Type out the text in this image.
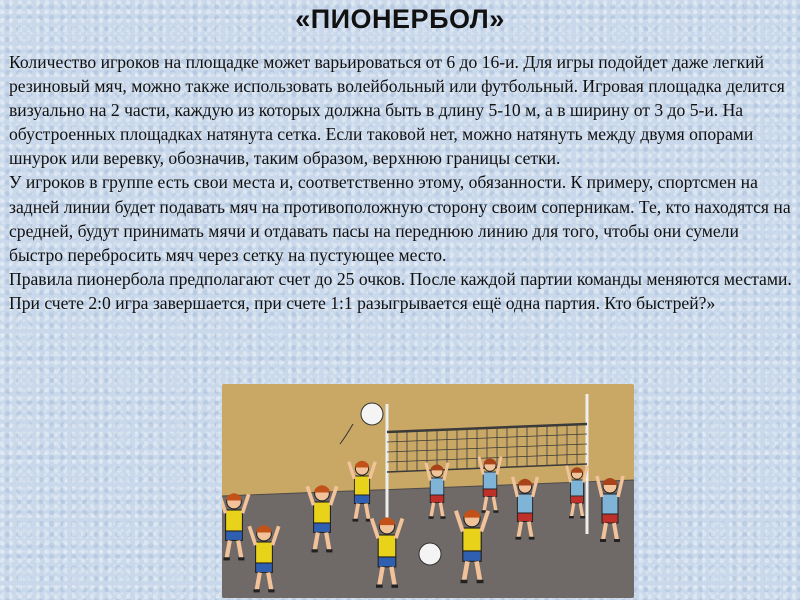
«ПИОНЕРБОЛ»

Количество игроков на площадке может варьироваться от 6 до 16-и. Для игры подойдет даже легкий резиновый мяч, можно также использовать волейбольный или футбольный. Игровая площадка делится визуально на 2 части, каждую из которых должна быть в длину 5-10 м, а в ширину от 3 до 5-и. На обустроенных площадках натянута сетка. Если таковой нет, можно натянуть между двумя опорами шнурок или веревку, обозначив, таким образом, верхнюю границы сетки.

У игроков в группе есть свои места и, соответственно этому, обязанности. К примеру, спортсмен на задней линии будет подавать мяч на противоположную сторону своим соперникам. Те, кто находятся на средней, будут принимать мячи и отдавать пасы на переднюю линию для того, чтобы они сумели быстро перебросить мяч через сетку на пустующее место.

Правила пионербола предполагают счет до 25 очков. После каждой партии команды меняются местами. При счете 2:0 игра завершается, при счете 1:1 разыгрывается ещё одна партия. Кто быстрей?»
